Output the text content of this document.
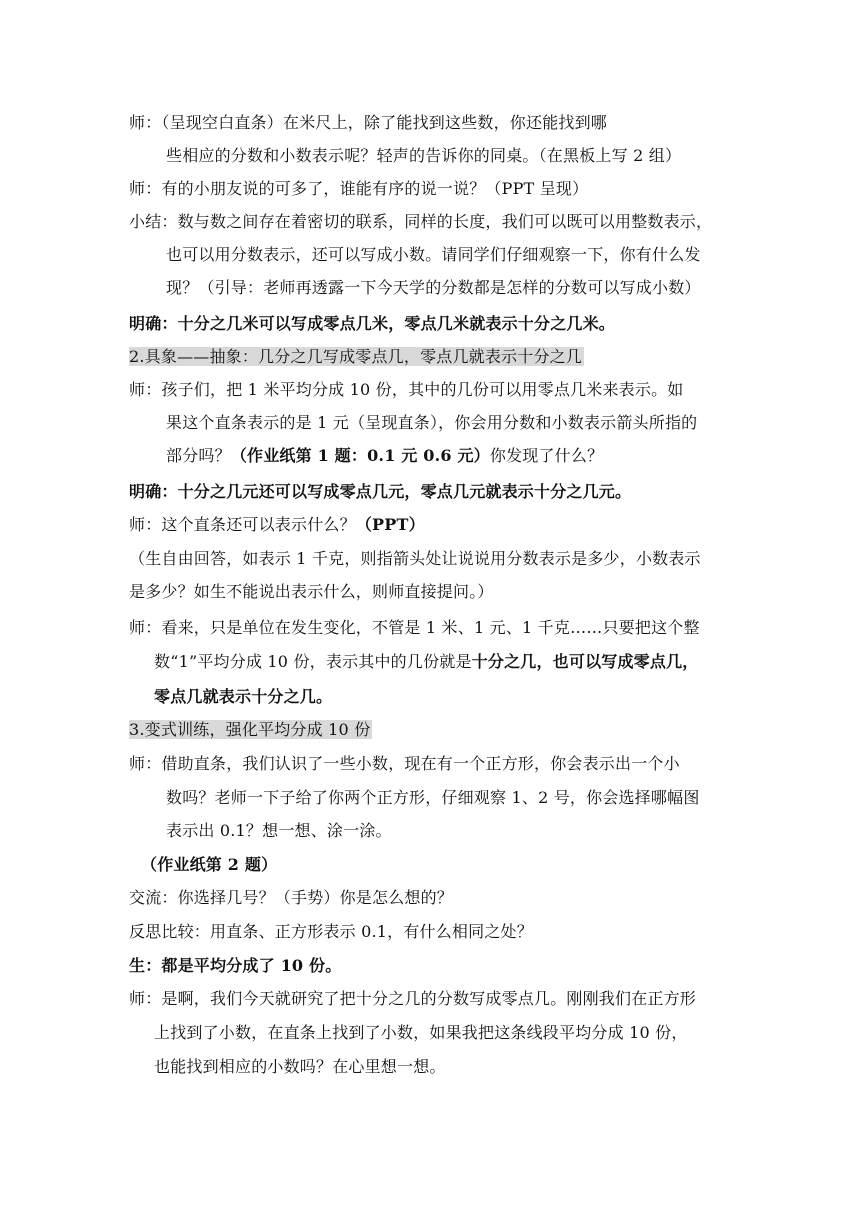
师：（呈现空白直条）在米尺上，除了能找到这些数，你还能找到哪
些相应的分数和小数表示呢？轻声的告诉你的同桌。（在黑板上写 2 组）
师：有的小朋友说的可多了，谁能有序的说一说？（PPT 呈现）
小结：数与数之间存在着密切的联系，同样的长度，我们可以既可以用整数表示，
也可以用分数表示，还可以写成小数。请同学们仔细观察一下，你有什么发
现？（引导：老师再透露一下今天学的分数都是怎样的分数可以写成小数）
明确：十分之几米可以写成零点几米，零点几米就表示十分之几米。
2.具象——抽象：几分之几写成零点几，零点几就表示十分之几
师：孩子们，把 1 米平均分成 10 份，其中的几份可以用零点几米来表示。如
果这个直条表示的是 1 元（呈现直条），你会用分数和小数表示箭头所指的
部分吗？（作业纸第 1 题：0.1 元 0.6 元）你发现了什么？
明确：十分之几元还可以写成零点几元，零点几元就表示十分之几元。
师：这个直条还可以表示什么？（PPT）
（生自由回答，如表示 1 千克，则指箭头处让说说用分数表示是多少，小数表示
是多少？如生不能说出表示什么，则师直接提问。）
师：看来，只是单位在发生变化，不管是 1 米、1 元、1 千克……只要把这个整
数“1”平均分成 10 份，表示其中的几份就是十分之几，也可以写成零点几，
零点几就表示十分之几。
3.变式训练，强化平均分成 10 份
师：借助直条，我们认识了一些小数，现在有一个正方形，你会表示出一个小
数吗？老师一下子给了你两个正方形，仔细观察 1、2 号，你会选择哪幅图
表示出 0.1？想一想、涂一涂。
（作业纸第 2 题）
交流：你选择几号？（手势）你是怎么想的？
反思比较：用直条、正方形表示 0.1，有什么相同之处？
生：都是平均分成了 10 份。
师：是啊，我们今天就研究了把十分之几的分数写成零点几。刚刚我们在正方形
上找到了小数，在直条上找到了小数，如果我把这条线段平均分成 10 份，
也能找到相应的小数吗？在心里想一想。
